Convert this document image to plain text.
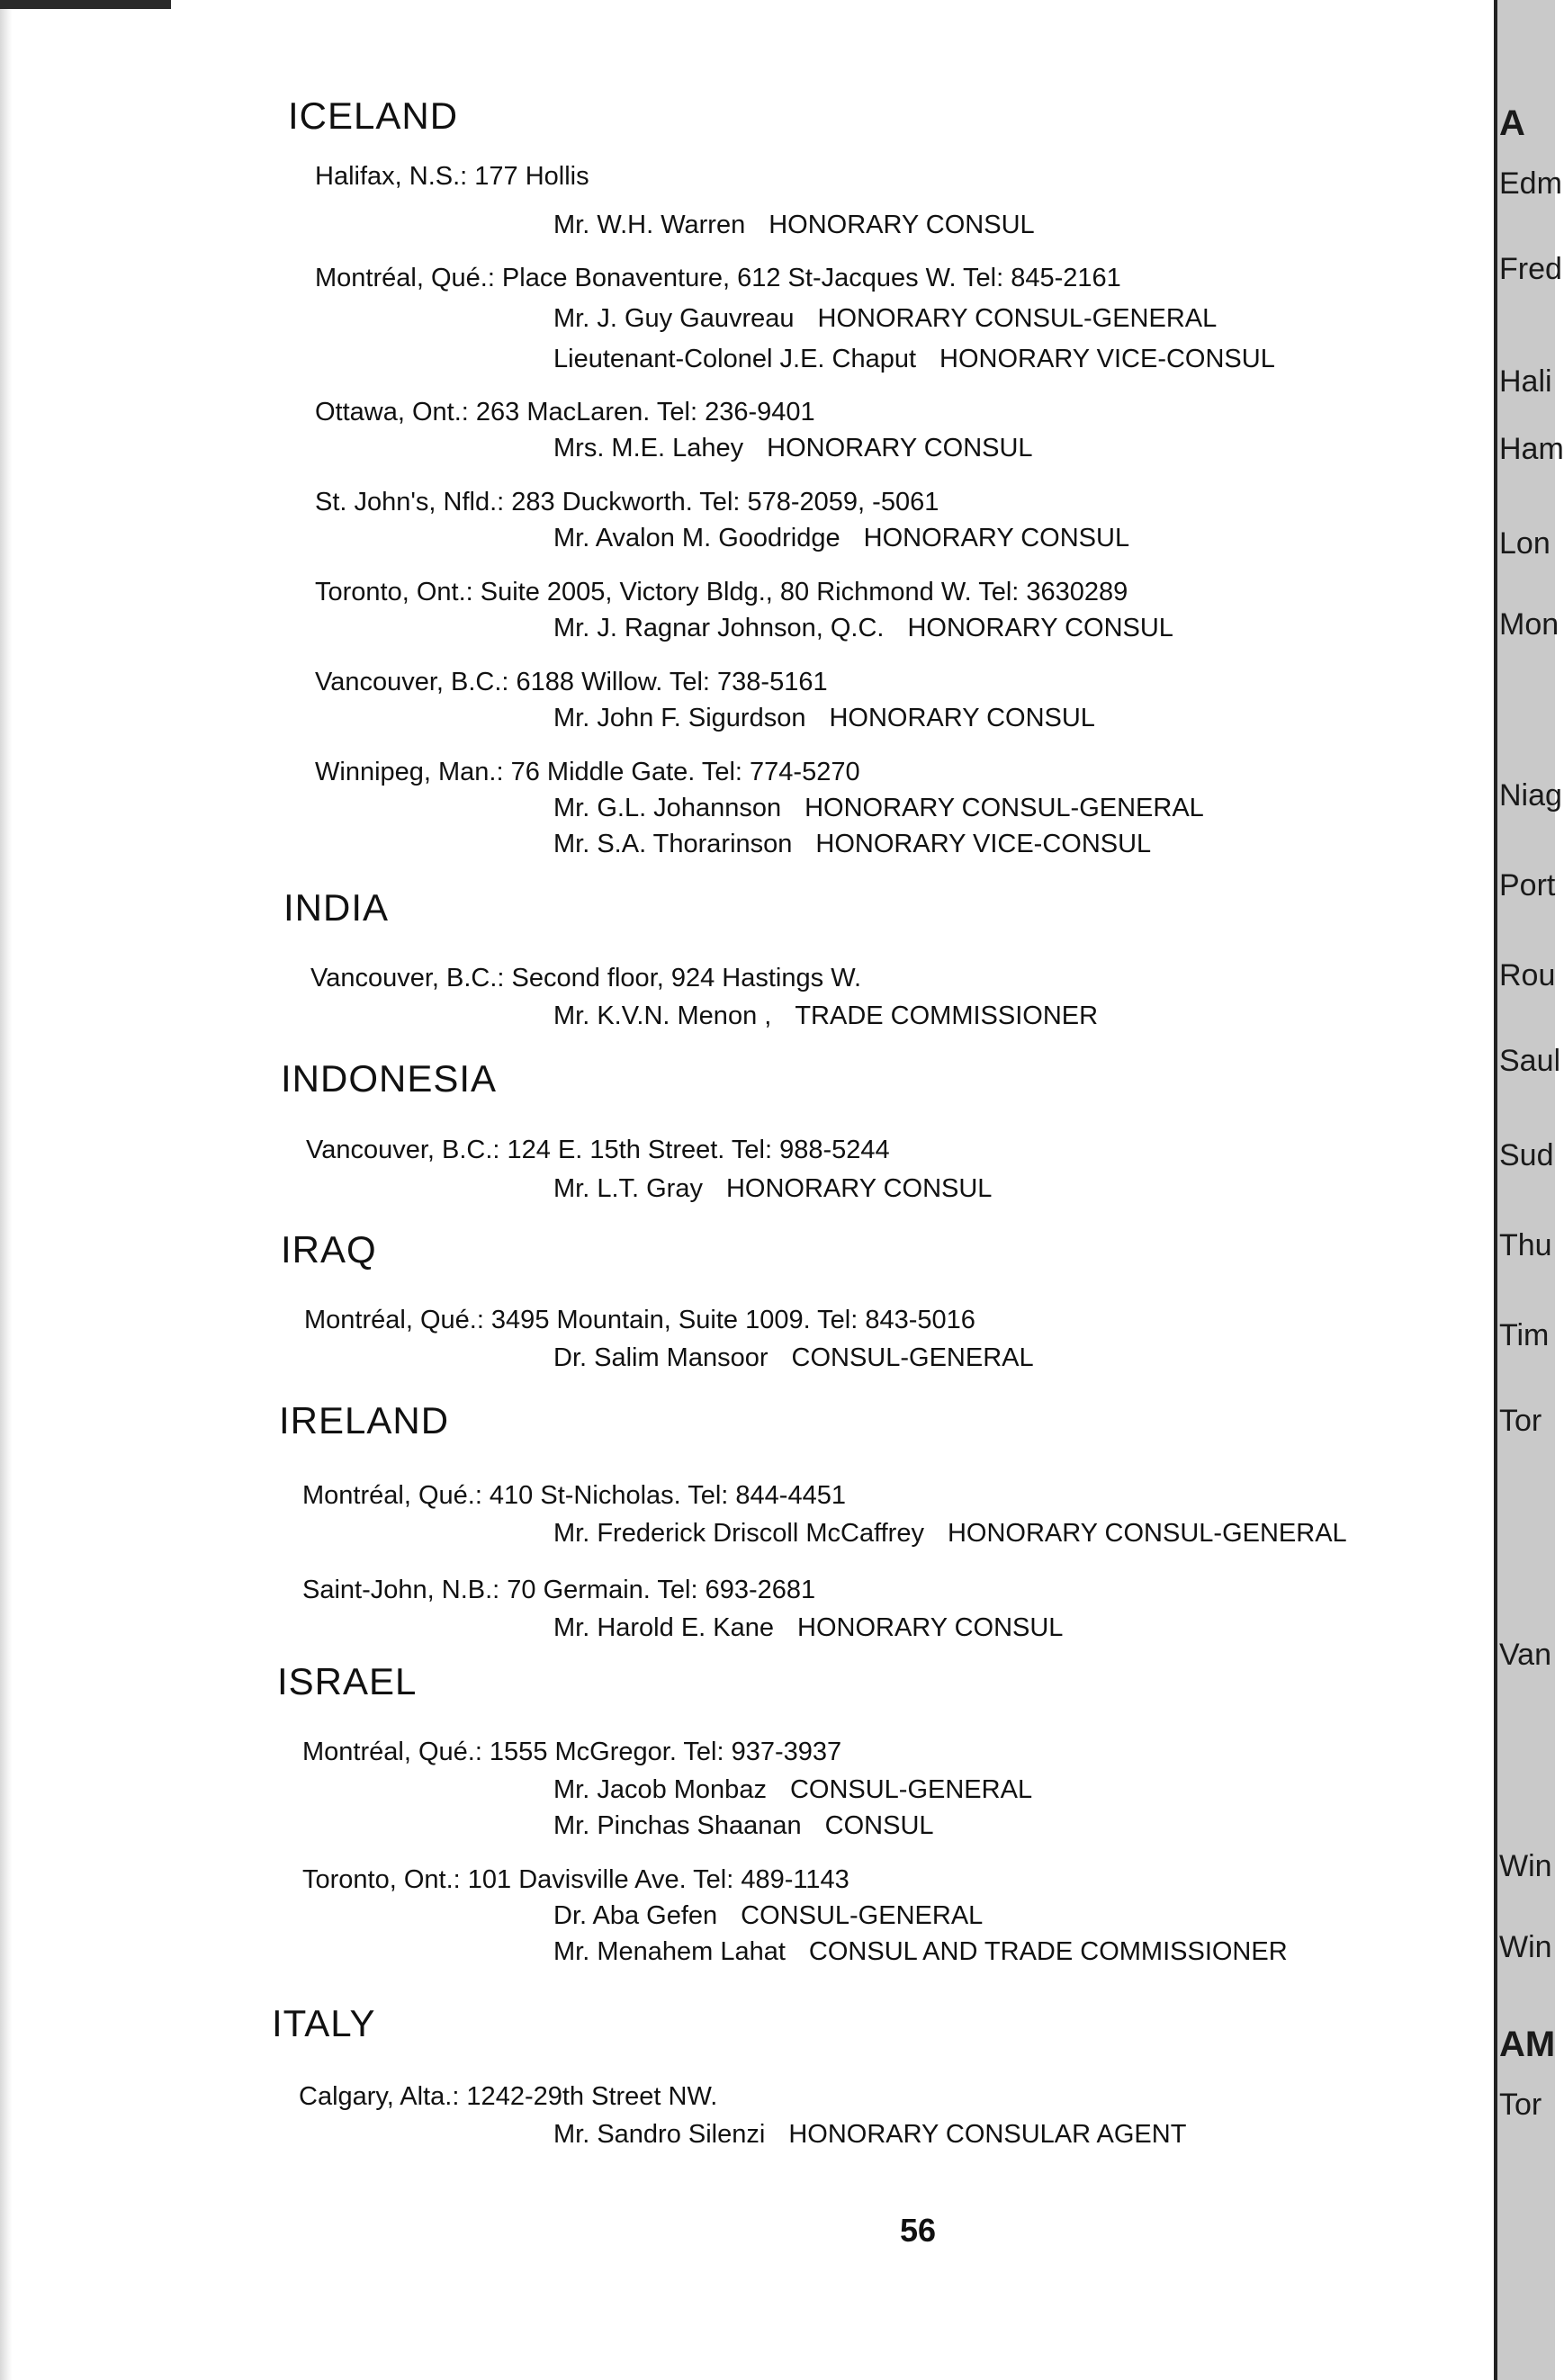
ICELAND
Halifax, N.S.: 177 Hollis
Mr. W.H. Warren HONORARY CONSUL
Montréal, Qué.: Place Bonaventure, 612 St-Jacques W. Tel: 845-2161
Mr. J. Guy Gauvreau HONORARY CONSUL-GENERAL
Lieutenant-Colonel J.E. Chaput HONORARY VICE-CONSUL
Ottawa, Ont.: 263 MacLaren. Tel: 236-9401
Mrs. M.E. Lahey HONORARY CONSUL
St. John's, Nfld.: 283 Duckworth. Tel: 578-2059, -5061
Mr. Avalon M. Goodridge HONORARY CONSUL
Toronto, Ont.: Suite 2005, Victory Bldg., 80 Richmond W. Tel: 3630289
Mr. J. Ragnar Johnson, Q.C. HONORARY CONSUL
Vancouver, B.C.: 6188 Willow. Tel: 738-5161
Mr. John F. Sigurdson HONORARY CONSUL
Winnipeg, Man.: 76 Middle Gate. Tel: 774-5270
Mr. G.L. Johannson HONORARY CONSUL-GENERAL
Mr. S.A. Thorarinson HONORARY VICE-CONSUL
INDIA
Vancouver, B.C.: Second floor, 924 Hastings W.
Mr. K.V.N. Menon , TRADE COMMISSIONER
INDONESIA
Vancouver, B.C.: 124 E. 15th Street. Tel: 988-5244
Mr. L.T. Gray HONORARY CONSUL
IRAQ
Montréal, Qué.: 3495 Mountain, Suite 1009. Tel: 843-5016
Dr. Salim Mansoor CONSUL-GENERAL
IRELAND
Montréal, Qué.: 410 St-Nicholas. Tel: 844-4451
Mr. Frederick Driscoll McCaffrey HONORARY CONSUL-GENERAL
Saint-John, N.B.: 70 Germain. Tel: 693-2681
Mr. Harold E. Kane HONORARY CONSUL
ISRAEL
Montréal, Qué.: 1555 McGregor. Tel: 937-3937
Mr. Jacob Monbaz CONSUL-GENERAL
Mr. Pinchas Shaanan CONSUL
Toronto, Ont.: 101 Davisville Ave. Tel: 489-1143
Dr. Aba Gefen CONSUL-GENERAL
Mr. Menahem Lahat CONSUL AND TRADE COMMISSIONER
ITALY
Calgary, Alta.: 1242-29th Street NW.
Mr. Sandro Silenzi HONORARY CONSULAR AGENT
A
Edm
Fred
Hali
Ham
Lon
Mon
Niag
Port
Rou
Saul
Sud
Thu
Tim
Tor
Van
Win
Win
AM
Tor
56
